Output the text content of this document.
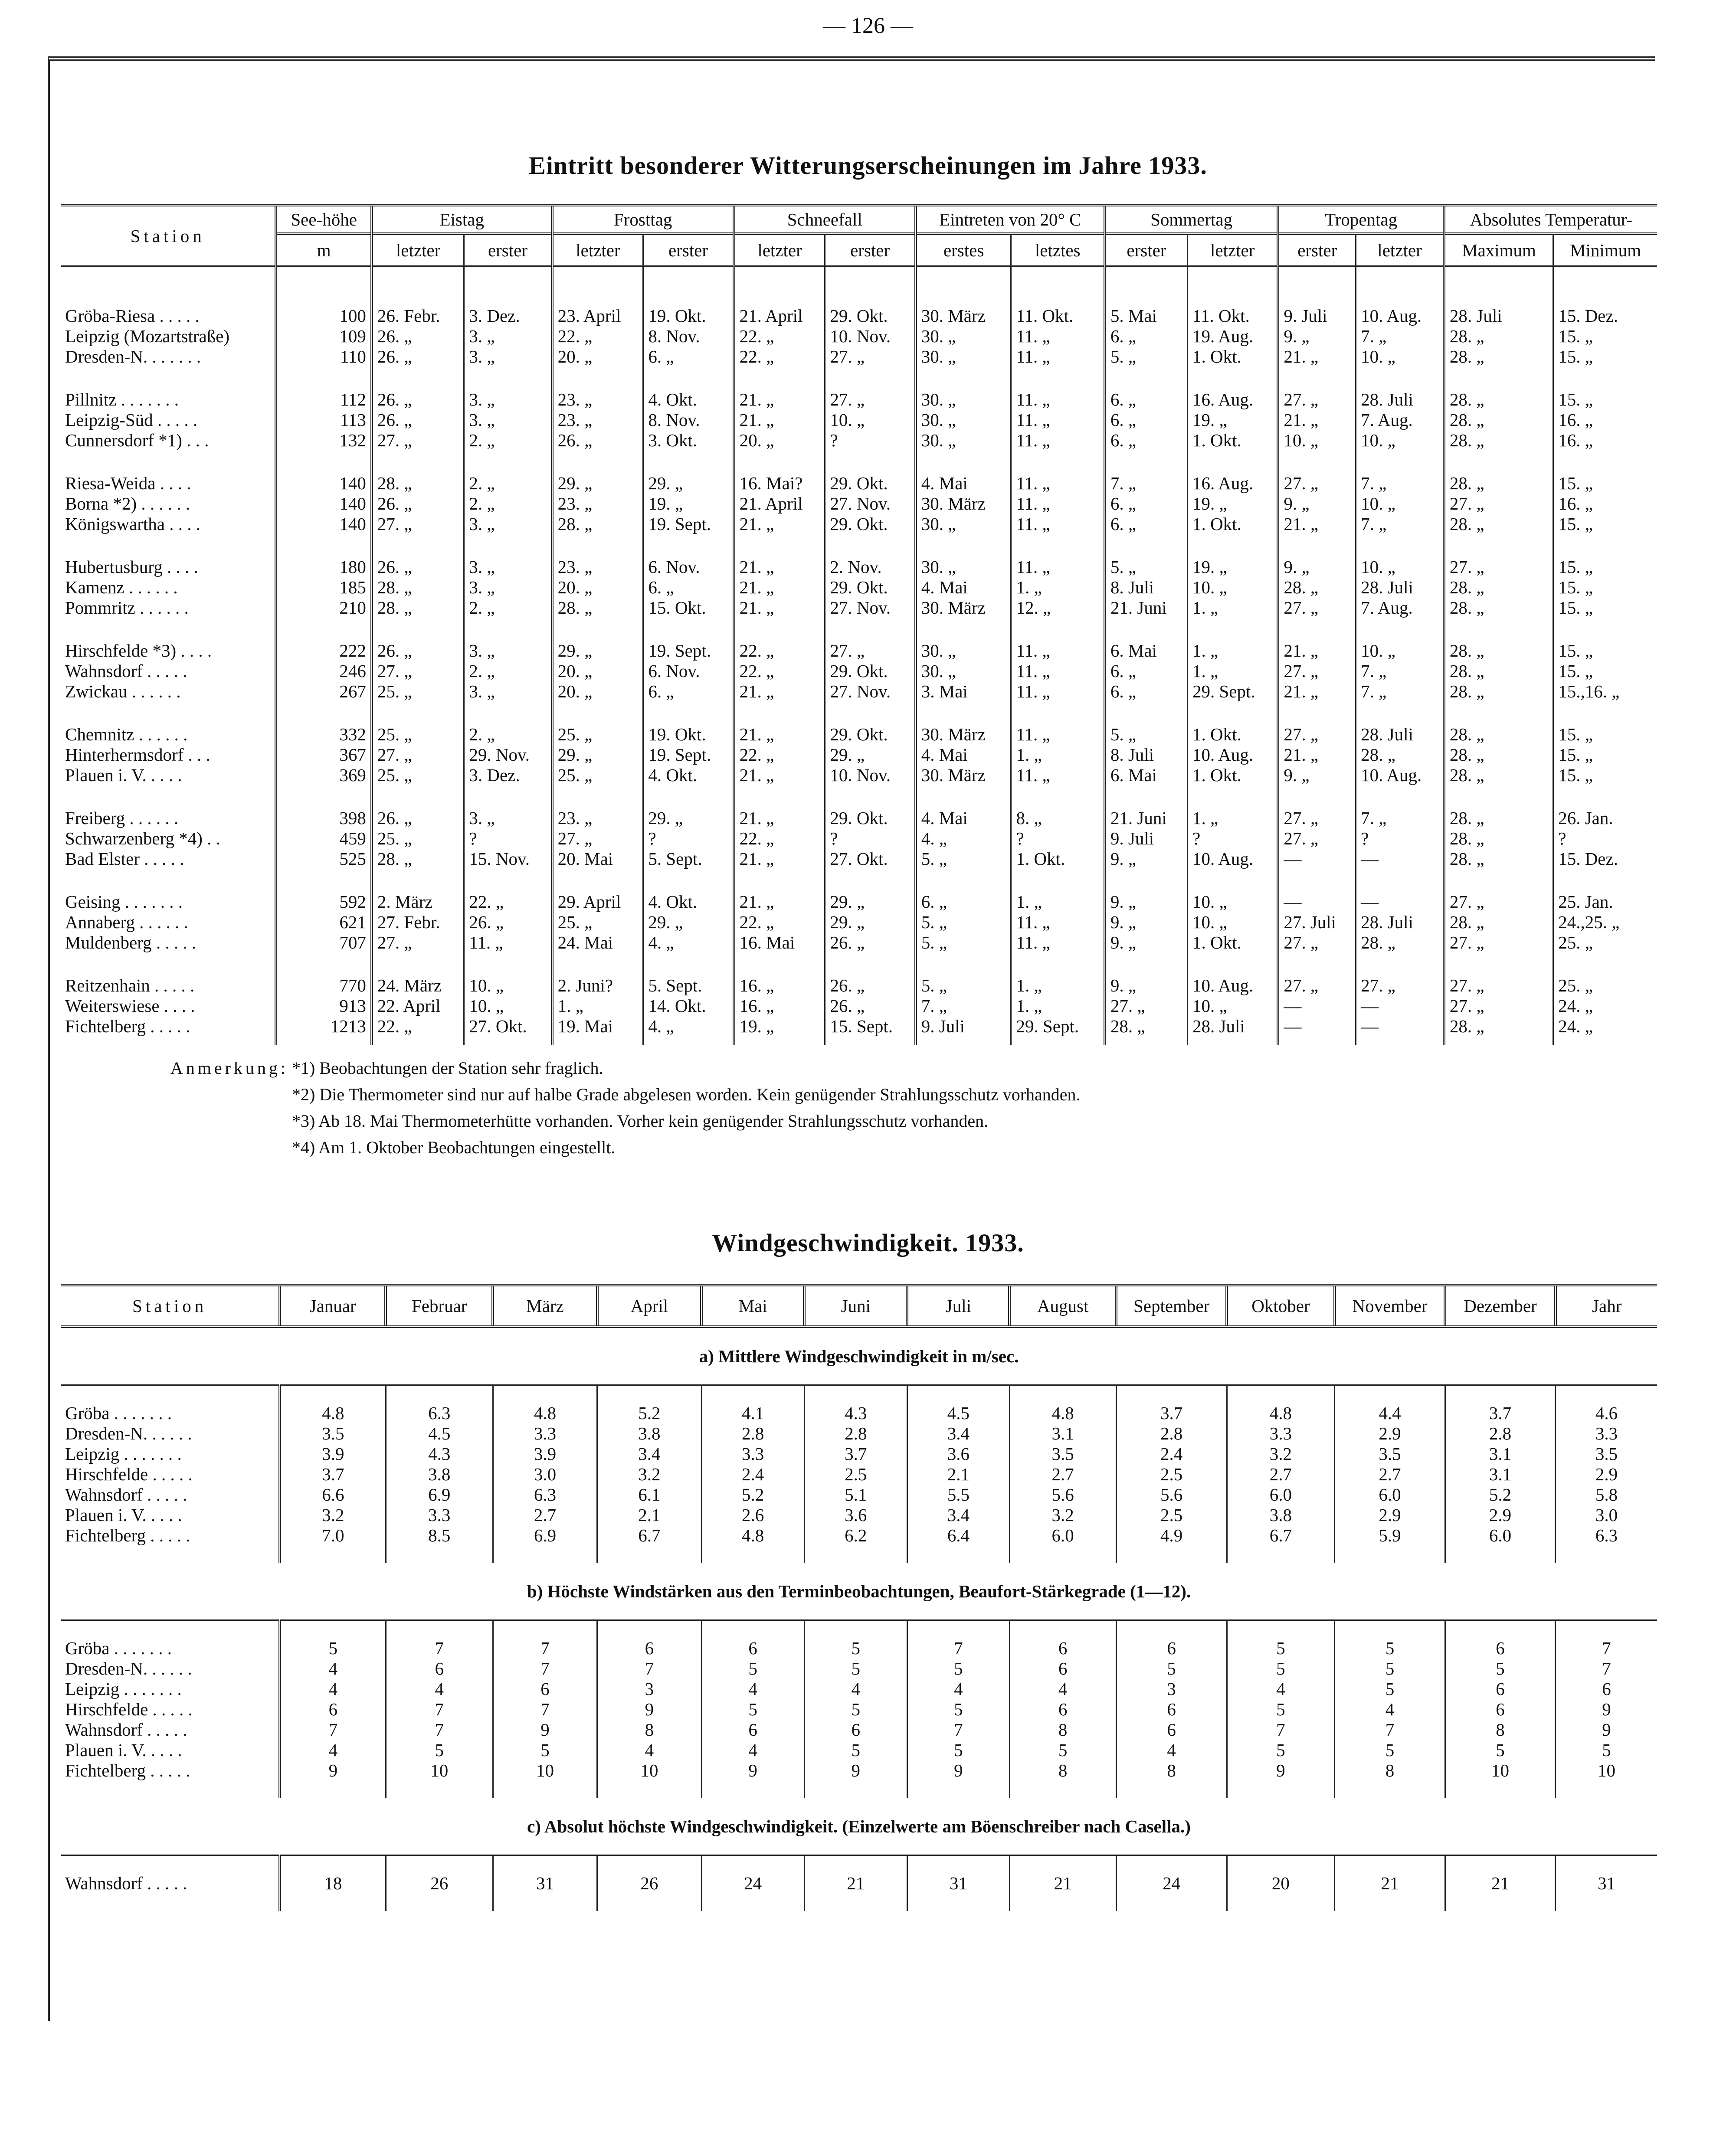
— 126 —
Eintritt besonderer Witterungserscheinungen im Jahre 1933.
Station	See-höhe	Eistag		Frosttag		Schneefall		Eintreten von 20° C		Sommertag		Tropentag		Absolutes Temperatur-	
	m	letzter	erster	letzter	erster	letzter	erster	erstes	letztes	erster	letzter	erster	letzter	Maximum	Minimum

Gröba-Riesa . . . . .	100	26. Febr.	3. Dez.	23. April	19. Okt.	21. April	29. Okt.	30. März	11. Okt.	5. Mai	11. Okt.	9. Juli	10. Aug.	28. Juli	15. Dez.
Leipzig (Mozartstraße)	109	26. „	3. „	22. „	8. Nov.	22. „	10. Nov.	30. „	11. „	6. „	19. Aug.	9. „	7. „	28. „	15. „
Dresden-N. . . . . . .	110	26. „	3. „	20. „	6. „	22. „	27. „	30. „	11. „	5. „	1. Okt.	21. „	10. „	28. „	15. „

Pillnitz . . . . . . .	112	26. „	3. „	23. „	4. Okt.	21. „	27. „	30. „	11. „	6. „	16. Aug.	27. „	28. Juli	28. „	15. „
Leipzig-Süd . . . . .	113	26. „	3. „	23. „	8. Nov.	21. „	10. „	30. „	11. „	6. „	19. „	21. „	7. Aug.	28. „	16. „
Cunnersdorf *1) . . .	132	27. „	2. „	26. „	3. Okt.	20. „	?	30. „	11. „	6. „	1. Okt.	10. „	10. „	28. „	16. „

Riesa-Weida . . . .	140	28. „	2. „	29. „	29. „	16. Mai?	29. Okt.	4. Mai	11. „	7. „	16. Aug.	27. „	7. „	28. „	15. „
Borna *2) . . . . . .	140	26. „	2. „	23. „	19. „	21. April	27. Nov.	30. März	11. „	6. „	19. „	9. „	10. „	27. „	16. „
Königswartha . . . .	140	27. „	3. „	28. „	19. Sept.	21. „	29. Okt.	30. „	11. „	6. „	1. Okt.	21. „	7. „	28. „	15. „

Hubertusburg . . . .	180	26. „	3. „	23. „	6. Nov.	21. „	2. Nov.	30. „	11. „	5. „	19. „	9. „	10. „	27. „	15. „
Kamenz . . . . . .	185	28. „	3. „	20. „	6. „	21. „	29. Okt.	4. Mai	1. „	8. Juli	10. „	28. „	28. Juli	28. „	15. „
Pommritz . . . . . .	210	28. „	2. „	28. „	15. Okt.	21. „	27. Nov.	30. März	12. „	21. Juni	1. „	27. „	7. Aug.	28. „	15. „

Hirschfelde *3) . . . .	222	26. „	3. „	29. „	19. Sept.	22. „	27. „	30. „	11. „	6. Mai	1. „	21. „	10. „	28. „	15. „
Wahnsdorf . . . . .	246	27. „	2. „	20. „	6. Nov.	22. „	29. Okt.	30. „	11. „	6. „	1. „	27. „	7. „	28. „	15. „
Zwickau . . . . . .	267	25. „	3. „	20. „	6. „	21. „	27. Nov.	3. Mai	11. „	6. „	29. Sept.	21. „	7. „	28. „	15.,16. „

Chemnitz . . . . . .	332	25. „	2. „	25. „	19. Okt.	21. „	29. Okt.	30. März	11. „	5. „	1. Okt.	27. „	28. Juli	28. „	15. „
Hinterhermsdorf . . .	367	27. „	29. Nov.	29. „	19. Sept.	22. „	29. „	4. Mai	1. „	8. Juli	10. Aug.	21. „	28. „	28. „	15. „
Plauen i. V. . . . .	369	25. „	3. Dez.	25. „	4. Okt.	21. „	10. Nov.	30. März	11. „	6. Mai	1. Okt.	9. „	10. Aug.	28. „	15. „

Freiberg . . . . . .	398	26. „	3. „	23. „	29. „	21. „	29. Okt.	4. Mai	8. „	21. Juni	1. „	27. „	7. „	28. „	26. Jan.
Schwarzenberg *4) . .	459	25. „	?	27. „	?	22. „	?	4. „	?	9. Juli	?	27. „	?	28. „	?
Bad Elster . . . . .	525	28. „	15. Nov.	20. Mai	5. Sept.	21. „	27. Okt.	5. „	1. Okt.	9. „	10. Aug.	—	—	28. „	15. Dez.

Geising . . . . . . .	592	2. März	22. „	29. April	4. Okt.	21. „	29. „	6. „	1. „	9. „	10. „	—	—	27. „	25. Jan.
Annaberg . . . . . .	621	27. Febr.	26. „	25. „	29. „	22. „	29. „	5. „	11. „	9. „	10. „	27. Juli	28. Juli	28. „	24.,25. „
Muldenberg . . . . .	707	27. „	11. „	24. Mai	4. „	16. Mai	26. „	5. „	11. „	9. „	1. Okt.	27. „	28. „	27. „	25. „

Reitzenhain . . . . .	770	24. März	10. „	2. Juni?	5. Sept.	16. „	26. „	5. „	1. „	9. „	10. Aug.	27. „	27. „	27. „	25. „
Weiterswiese . . . .	913	22. April	10. „	1. „	14. Okt.	16. „	26. „	7. „	1. „	27. „	10. „	—	—	27. „	24. „
Fichtelberg . . . . .	1213	22. „	27. Okt.	19. Mai	4. „	19. „	15. Sept.	9. Juli	29. Sept.	28. „	28. Juli	—	—	28. „	24. „

Anmerkung: *1) Beobachtungen der Station sehr fraglich.
*2) Die Thermometer sind nur auf halbe Grade abgelesen worden. Kein genügender Strahlungsschutz vorhanden.
*3) Ab 18. Mai Thermometerhütte vorhanden. Vorher kein genügender Strahlungsschutz vorhanden.
*4) Am 1. Oktober Beobachtungen eingestellt.
Windgeschwindigkeit. 1933.
Station	Januar	Februar	März	April	Mai	Juni	Juli	August	September	Oktober	November	Dezember	Jahr
a) Mittlere Windgeschwindigkeit in m/sec.													

Gröba . . . . . . .	4.8	6.3	4.8	5.2	4.1	4.3	4.5	4.8	3.7	4.8	4.4	3.7	4.6
Dresden-N. . . . . .	3.5	4.5	3.3	3.8	2.8	2.8	3.4	3.1	2.8	3.3	2.9	2.8	3.3
Leipzig . . . . . . .	3.9	4.3	3.9	3.4	3.3	3.7	3.6	3.5	2.4	3.2	3.5	3.1	3.5
Hirschfelde . . . . .	3.7	3.8	3.0	3.2	2.4	2.5	2.1	2.7	2.5	2.7	2.7	3.1	2.9
Wahnsdorf . . . . .	6.6	6.9	6.3	6.1	5.2	5.1	5.5	5.6	5.6	6.0	6.0	5.2	5.8
Plauen i. V. . . . .	3.2	3.3	2.7	2.1	2.6	3.6	3.4	3.2	2.5	3.8	2.9	2.9	3.0
Fichtelberg . . . . .	7.0	8.5	6.9	6.7	4.8	6.2	6.4	6.0	4.9	6.7	5.9	6.0	6.3

b) Höchste Windstärken aus den Terminbeobachtungen, Beaufort-Stärkegrade (1—12).													

Gröba . . . . . . .	5	7	7	6	6	5	7	6	6	5	5	6	7
Dresden-N. . . . . .	4	6	7	7	5	5	5	6	5	5	5	5	7
Leipzig . . . . . . .	4	4	6	3	4	4	4	4	3	4	5	6	6
Hirschfelde . . . . .	6	7	7	9	5	5	5	6	6	5	4	6	9
Wahnsdorf . . . . .	7	7	9	8	6	6	7	8	6	7	7	8	9
Plauen i. V. . . . .	4	5	5	4	4	5	5	5	4	5	5	5	5
Fichtelberg . . . . .	9	10	10	10	9	9	9	8	8	9	8	10	10

c) Absolut höchste Windgeschwindigkeit. (Einzelwerte am Böenschreiber nach Casella.)													

Wahnsdorf . . . . .	18	26	31	26	24	21	31	21	24	20	21	21	31
